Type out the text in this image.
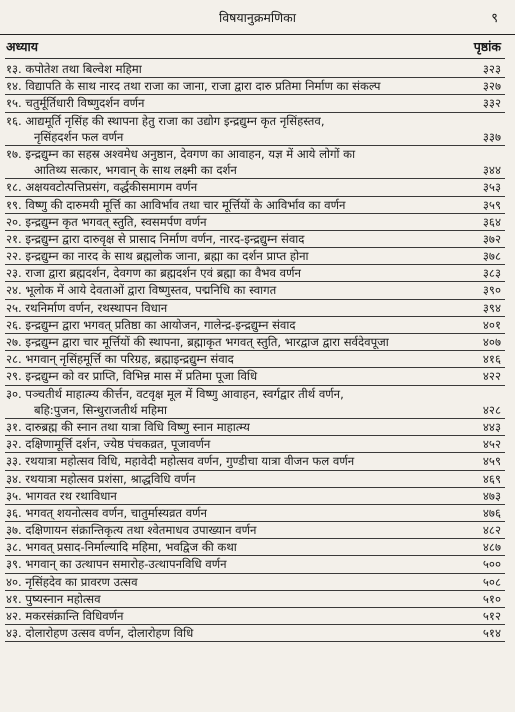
विषयानुक्रमणिका	९
अध्याय	पृष्ठांक
१३. कपोतेश तथा बिल्वेश महिमा	३२३
१४. विद्यापति के साथ नारद तथा राजा का जाना, राजा द्वारा दारु प्रतिमा निर्माण का संकल्प	३२७
१५. चतुर्मूर्तिधारी विष्णुदर्शन वर्णन	३३२
१६. आद्यमूर्ति नृसिंह की स्थापना हेतु राजा का उद्योग इन्द्रद्युम्न कृत नृसिंहस्तव,
नृसिंहदर्शन फल वर्णन	३३७
१७. इन्द्रद्युम्न का सहस्र अश्वमेध अनुष्ठान, देवगण का आवाहन, यज्ञ में आये लोगों का
आतिथ्य सत्कार, भगवान् के साथ लक्ष्मी का दर्शन	३४४
१८. अक्षयवटोत्पत्तिप्रसंग, वर्द्धकीसमागम वर्णन	३५३
१९. विष्णु की दारुमयी मूर्त्ति का आविर्भाव तथा चार मूर्त्तियों के आविर्भाव का वर्णन	३५९
२०. इन्द्रद्युम्न कृत भगवत् स्तुति, स्वसमर्पण वर्णन	३६४
२१. इन्द्रद्युम्न द्वारा दारुवृक्ष से प्रासाद निर्माण वर्णन, नारद-इन्द्रद्युम्न संवाद	३७२
२२. इन्द्रद्युम्न का नारद के साथ ब्रह्मलोक जाना, ब्रह्मा का दर्शन प्राप्त होना	३७८
२३. राजा द्वारा ब्रह्मदर्शन, देवगण का ब्रह्मदर्शन एवं ब्रह्मा का वैभव वर्णन	३८३
२४. भूलोक में आये देवताओं द्वारा विष्णुस्तव, पद्मनिधि का स्वागत	३९०
२५. रथनिर्माण वर्णन, रथस्थापन विधान	३९४
२६. इन्द्रद्युम्न द्वारा भगवत् प्रतिष्ठा का आयोजन, गालेन्द्र-इन्द्रद्युम्न संवाद	४०१
२७. इन्द्रद्युम्न द्वारा चार मूर्त्तियों की स्थापना, ब्रह्माकृत भगवत् स्तुति, भारद्वाज द्वारा सर्वदेवपूजा	४०७
२८. भगवान् नृसिंहमूर्त्ति का परिग्रह, ब्रह्माइन्द्रद्युम्न संवाद	४१६
२९. इन्द्रद्युम्न को वर प्राप्ति, विभिन्न मास में प्रतिमा पूजा विधि	४२२
३०. पञ्चतीर्थ माहात्म्य कीर्त्तन, वटवृक्ष मूल में विष्णु आवाहन, स्वर्गद्वार तीर्थ वर्णन,
बहि:पुजन, सिन्धुराजतीर्थ महिमा	४२८
३१. दारुब्रह्म की स्नान तथा यात्रा विधि विष्णु स्नान माहात्म्य	४४३
३२. दक्षिणामूर्त्ति दर्शन, ज्येष्ठ पंचकव्रत, पूजावर्णन	४५२
३३. रथयात्रा महोत्सव विधि, महावेदी महोत्सव वर्णन, गुण्डीचा यात्रा वीजन फल वर्णन	४५९
३४. रथयात्रा महोत्सव प्रशंसा, श्राद्धविधि वर्णन	४६९
३५. भागवत रथ रथाविधान	४७३
३६. भगवत् शयनोत्सव वर्णन, चातुर्मास्यव्रत वर्णन	४७६
३७. दक्षिणायन संक्रान्तिकृत्य तथा श्वेतमाधव उपाख्यान वर्णन	४८२
३८. भगवत् प्रसाद-निर्माल्यादि महिमा, भवद्विज की कथा	४८७
३९. भगवान् का उत्थापन समारोह-उत्थापनविधि वर्णन	५००
४०. नृसिंहदेव का प्रावरण उत्सव	५०८
४१. पुष्यस्नान महोत्सव	५१०
४२. मकरसंक्रान्ति विधिवर्णन	५१२
४३. दोलारोहण उत्सव वर्णन, दोलारोहण विधि	५१४
